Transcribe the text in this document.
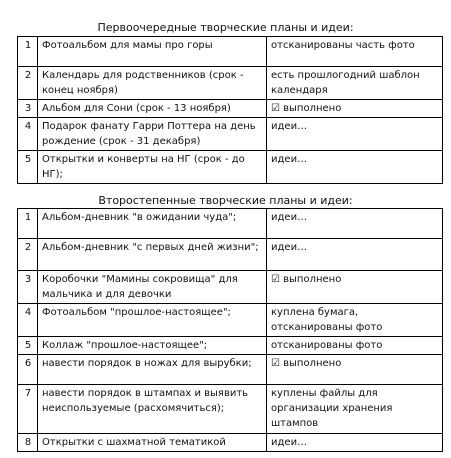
Первоочередные творческие планы и идеи:
1	Фотоальбом для мамы про горы	отсканированы часть фото
2	Календарь для родственников (срок - конец ноября)	есть прошлогодний шаблон календаря
3	Альбом для Сони (срок - 13 ноября)	☑ выполнено
4	Подарок фанату Гарри Поттера на день рождение (срок - 31 декабря)	идеи…
5	Открытки и конверты на НГ (срок - до НГ);	идеи…
Второстепенные творческие планы и идеи:
1	Альбом-дневник "в ожидании чуда";	идеи…
2	Альбом-дневник "с первых дней жизни";	идеи…
3	Коробочки "Мамины сокровища" для мальчика и для девочки	☑ выполнено
4	Фотоальбом "прошлое-настоящее";	куплена бумага, отсканированы фото
5	Коллаж "прошлое-настоящее";	отсканированы фото
6	навести порядок в ножах для вырубки;	☑ выполнено
7	навести порядок в штампах и выявить неиспользуемые (расхомячиться);	куплены файлы для организации хранения штампов
8	Открытки с шахматной тематикой	идеи…
